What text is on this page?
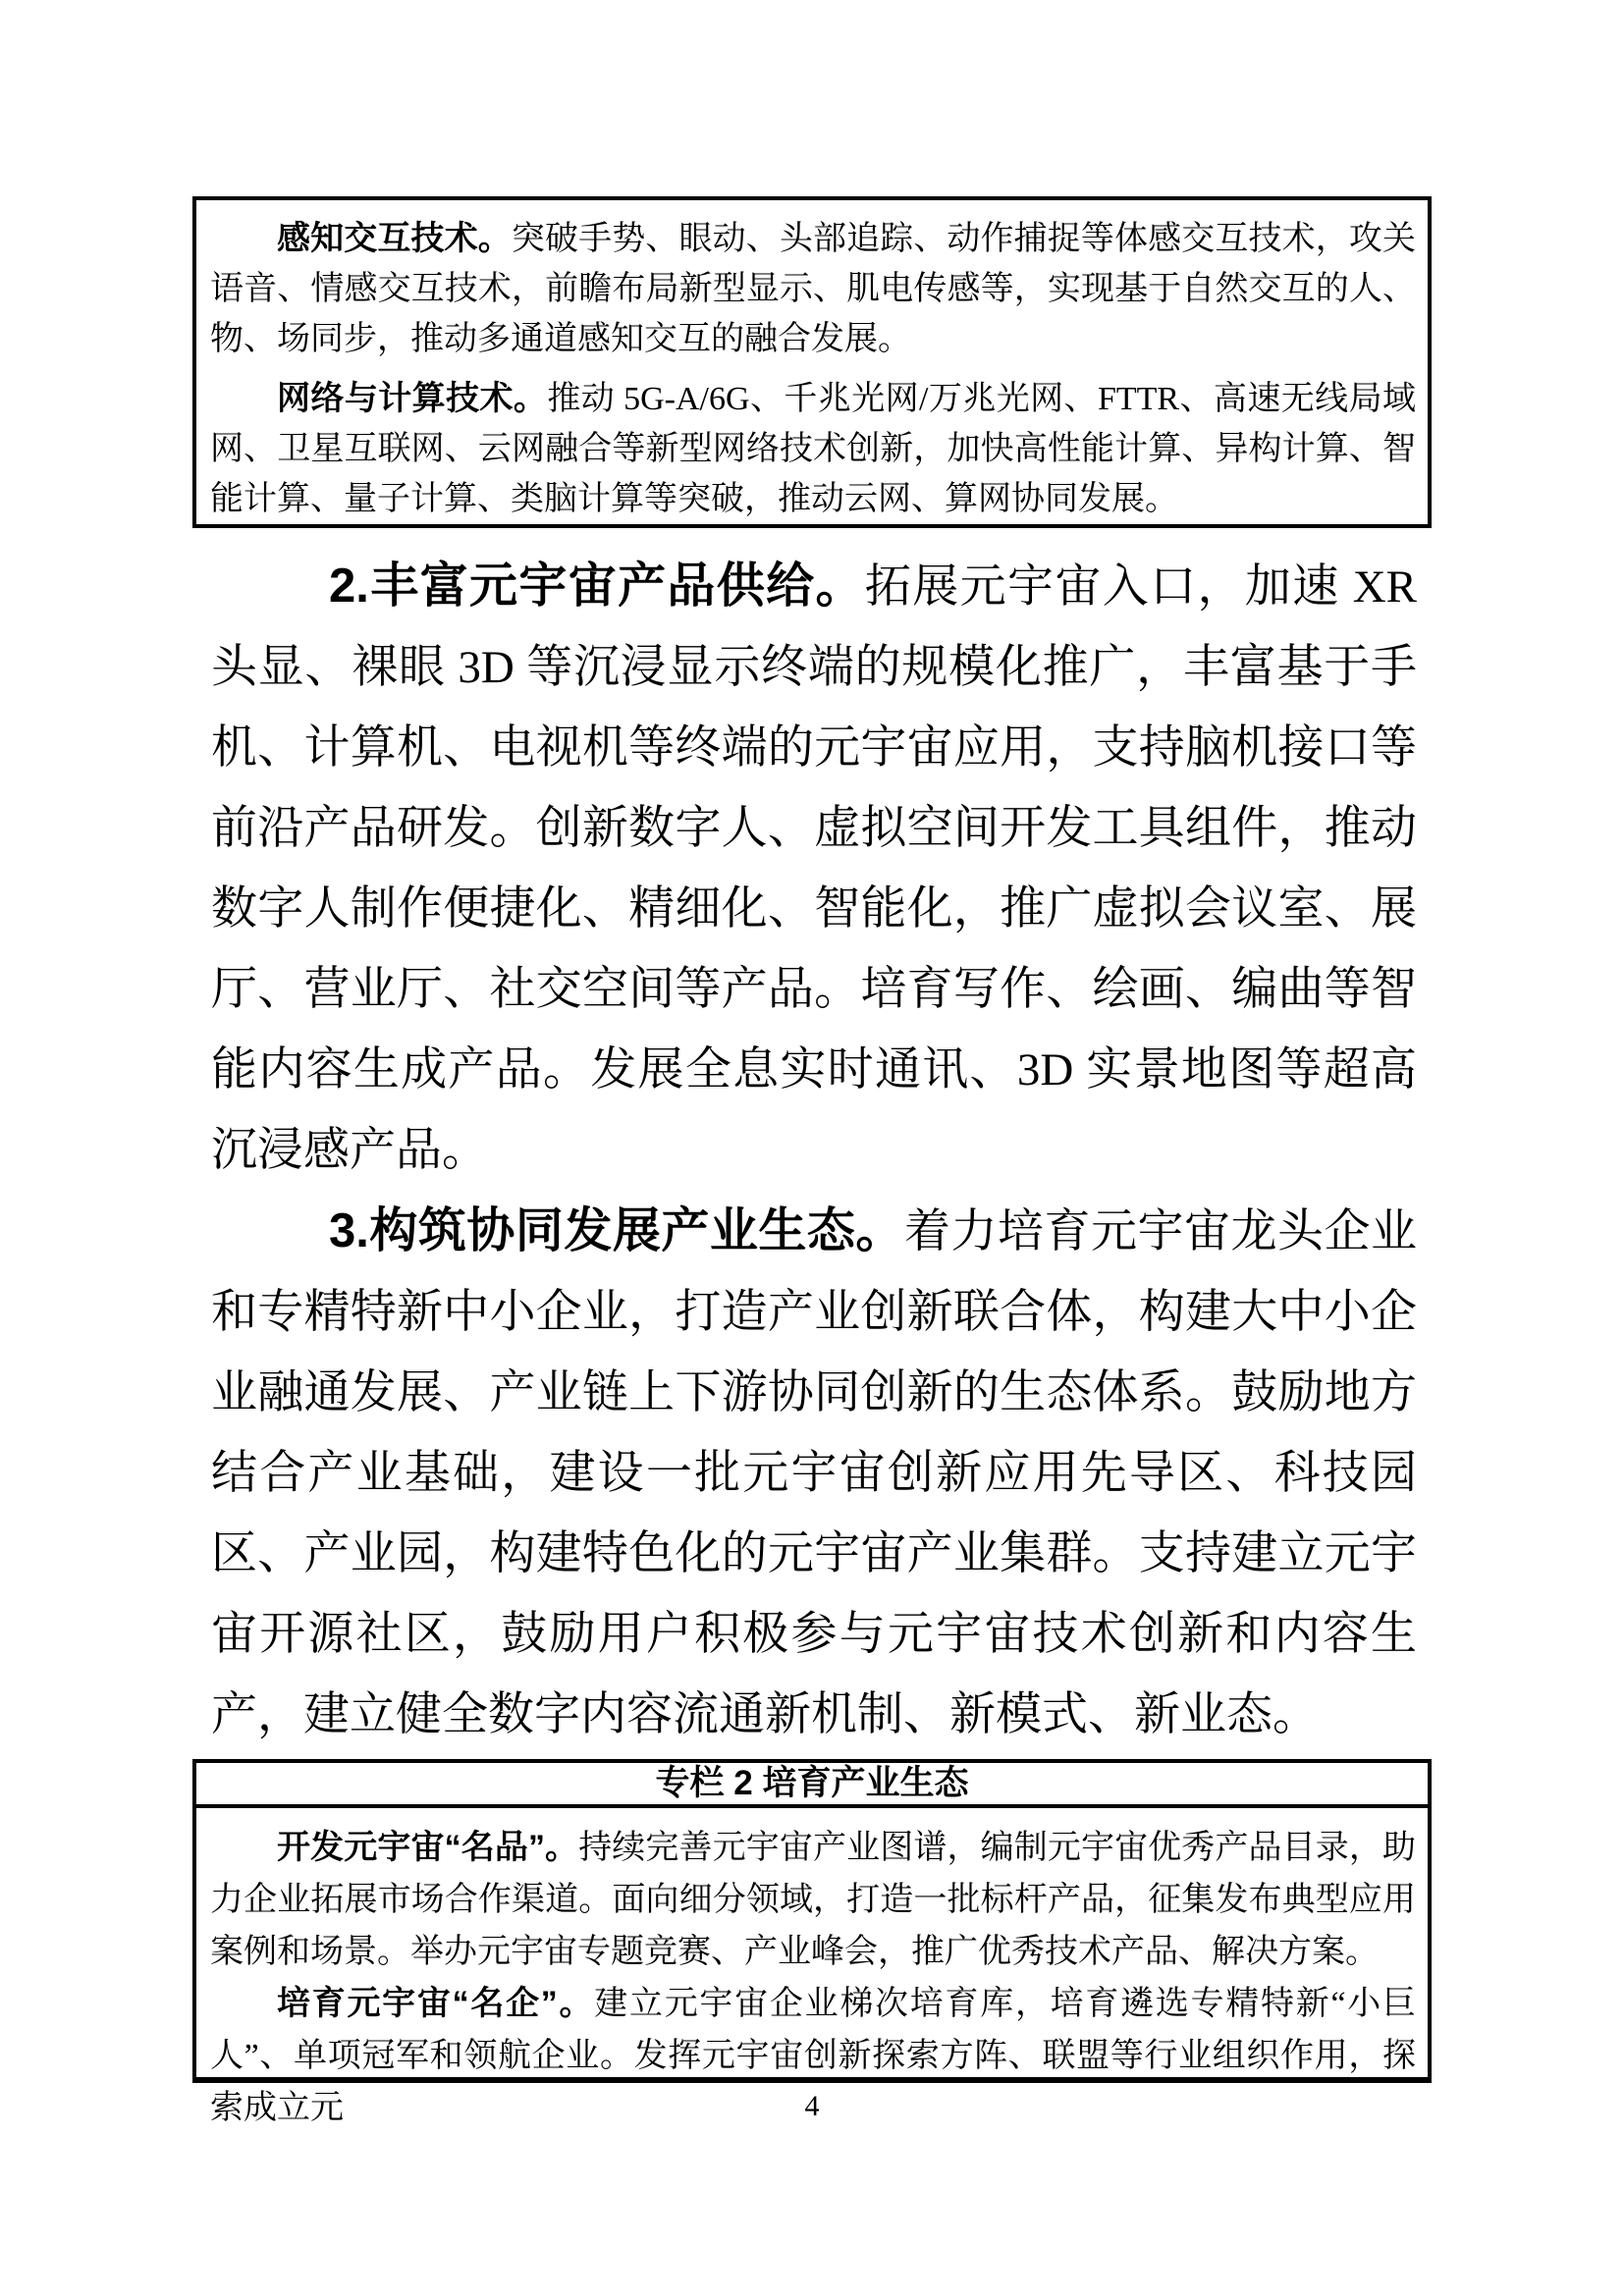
感知交互技术。突破手势、眼动、头部追踪、动作捕捉等体感交互技术，攻关语音、情感交互技术，前瞻布局新型显示、肌电传感等，实现基于自然交互的人、物、场同步，推动多通道感知交互的融合发展。

网络与计算技术。推动 5G-A/6G、千兆光网/万兆光网、FTTR、高速无线局域网、卫星互联网、云网融合等新型网络技术创新，加快高性能计算、异构计算、智能计算、量子计算、类脑计算等突破，推动云网、算网协同发展。

2.丰富元宇宙产品供给。拓展元宇宙入口，加速 XR 头显、裸眼 3D 等沉浸显示终端的规模化推广，丰富基于手机、计算机、电视机等终端的元宇宙应用，支持脑机接口等前沿产品研发。创新数字人、虚拟空间开发工具组件，推动数字人制作便捷化、精细化、智能化，推广虚拟会议室、展厅、营业厅、社交空间等产品。培育写作、绘画、编曲等智能内容生成产品。发展全息实时通讯、3D 实景地图等超高沉浸感产品。

3.构筑协同发展产业生态。着力培育元宇宙龙头企业和专精特新中小企业，打造产业创新联合体，构建大中小企业融通发展、产业链上下游协同创新的生态体系。鼓励地方结合产业基础，建设一批元宇宙创新应用先导区、科技园区、产业园，构建特色化的元宇宙产业集群。支持建立元宇宙开源社区，鼓励用户积极参与元宇宙技术创新和内容生产，建立健全数字内容流通新机制、新模式、新业态。

专栏 2 培育产业生态

开发元宇宙“名品”。持续完善元宇宙产业图谱，编制元宇宙优秀产品目录，助力企业拓展市场合作渠道。面向细分领域，打造一批标杆产品，征集发布典型应用案例和场景。举办元宇宙专题竞赛、产业峰会，推广优秀技术产品、解决方案。

培育元宇宙“名企”。建立元宇宙企业梯次培育库，培育遴选专精特新“小巨人”、单项冠军和领航企业。发挥元宇宙创新探索方阵、联盟等行业组织作用，探索成立元	4
